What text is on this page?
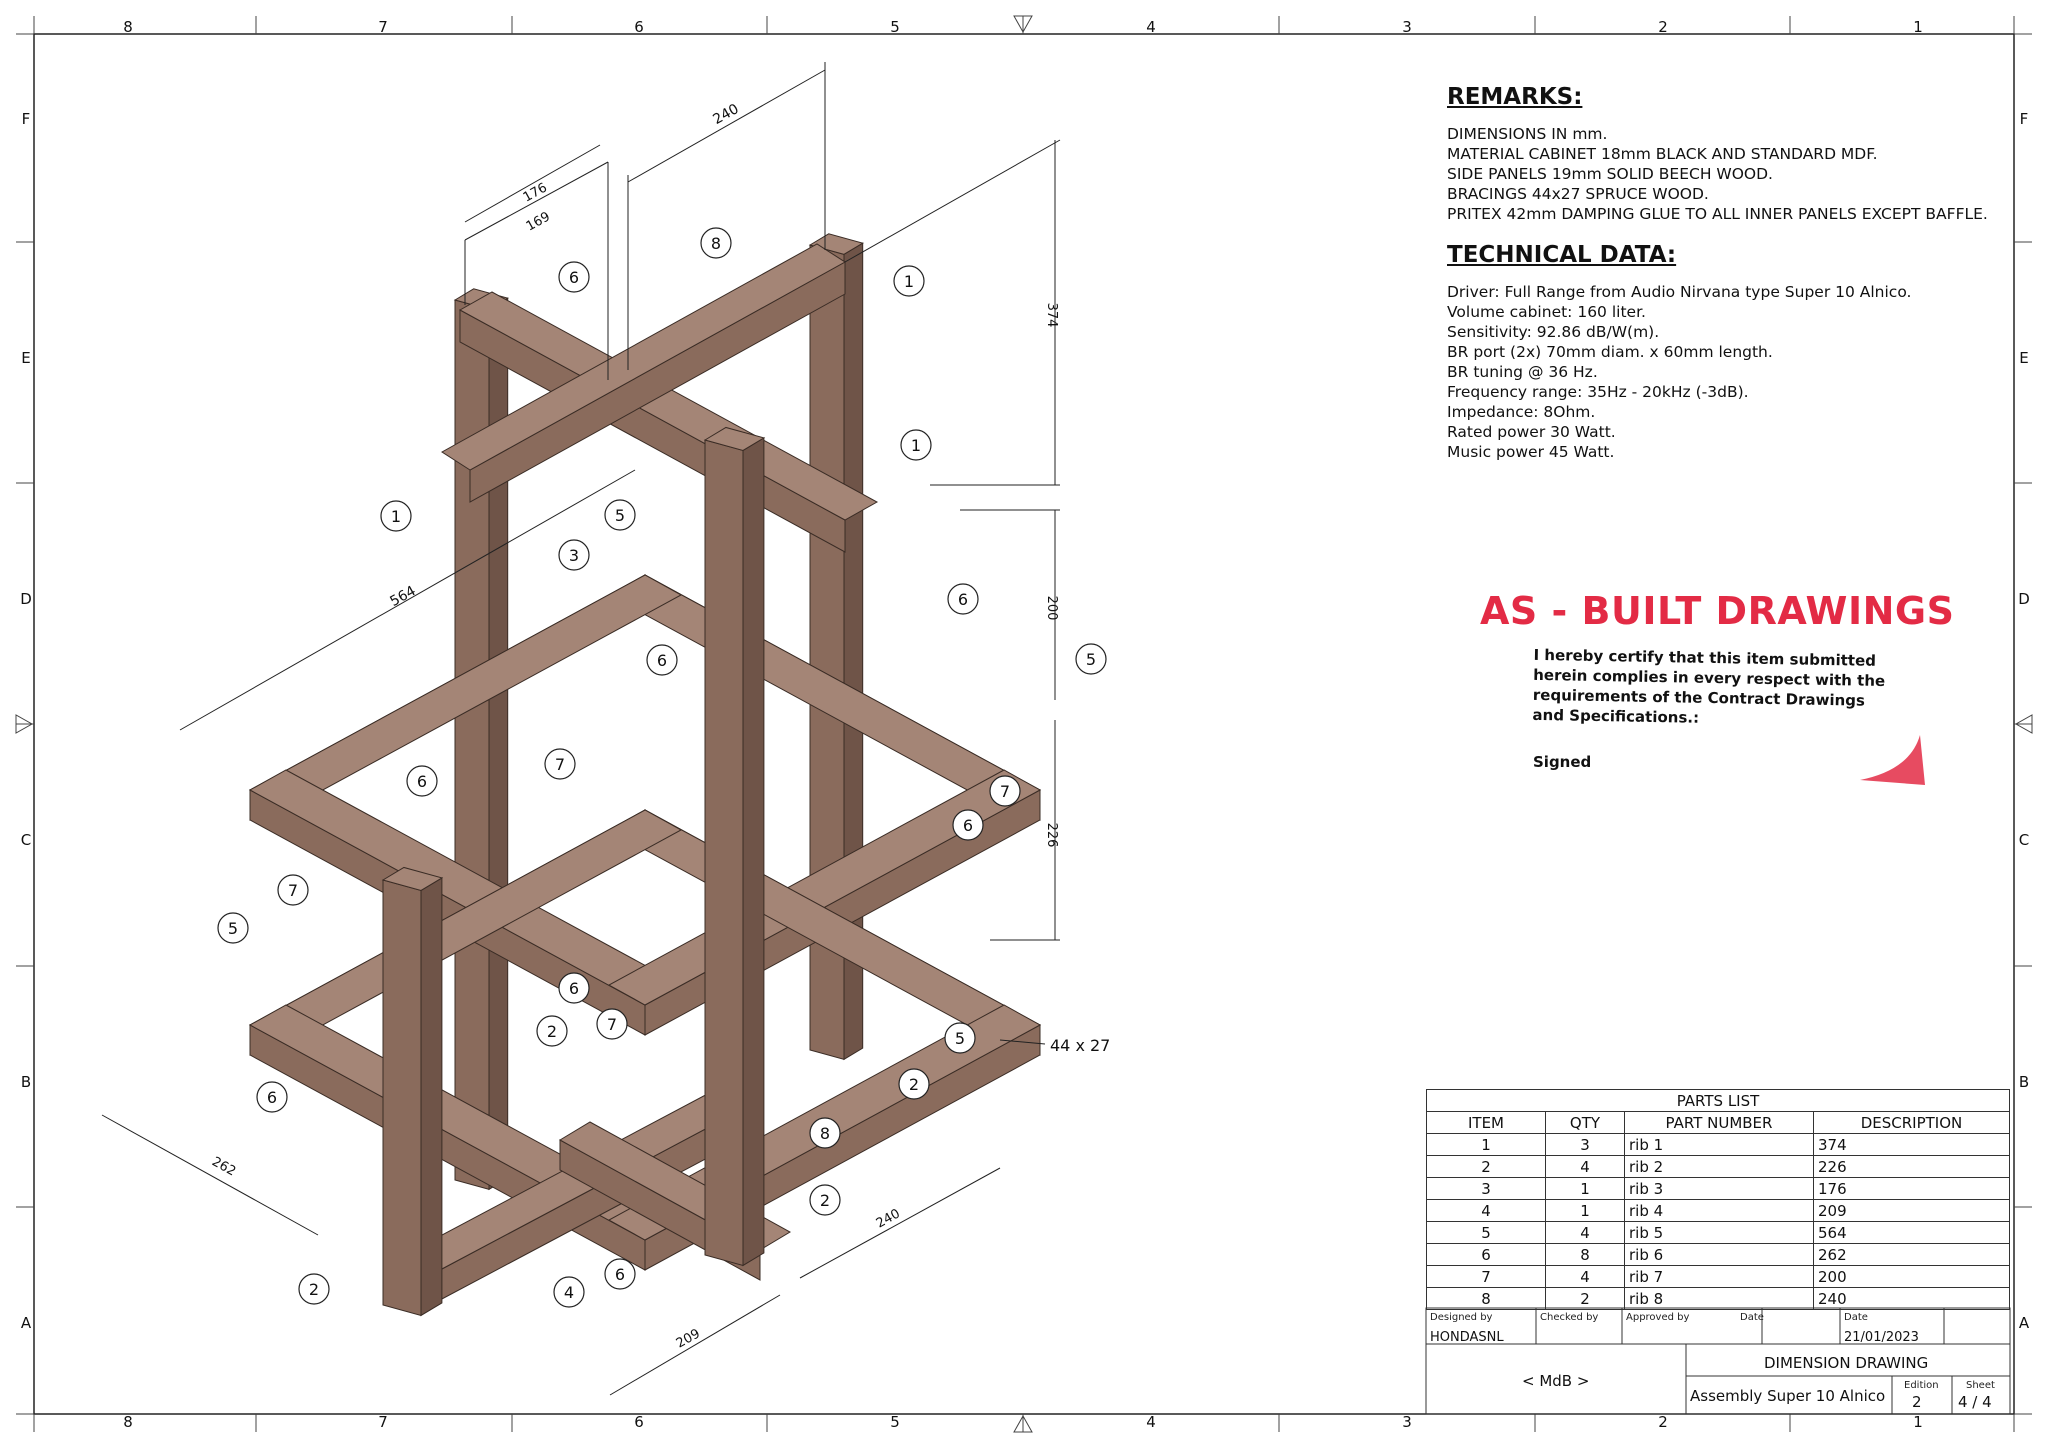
8
8
7
7
6
6
5
5
4
4
3
3
2
2
1
1
F	F
E	E
D	D
C	C
B	B
A	A
240
176
169
374
200
226
564
262
240
209
44 x 27
8
6	1
1
1	5
3
6	5
6
7
6
7
6
7
5
6
7
2	5
2
6
8
2
2	4
6

REMARKS:

DIMENSIONS IN mm.

MATERIAL CABINET 18mm BLACK AND STANDARD MDF.

SIDE PANELS 19mm SOLID BEECH WOOD.

BRACINGS 44x27 SPRUCE WOOD.

PRITEX 42mm DAMPING GLUE TO ALL INNER PANELS EXCEPT BAFFLE.

TECHNICAL DATA:

Driver: Full Range from Audio Nirvana type Super 10 Alnico.

Volume cabinet: 160 liter.

Sensitivity: 92.86 dB/W(m).

BR port (2x) 70mm diam. x 60mm length.

BR tuning @ 36 Hz.

Frequency range: 35Hz - 20kHz (-3dB).

Impedance: 8Ohm.

Rated power 30 Watt.

Music power 45 Watt.

AS - BUILT DRAWINGS
I hereby certify that this item submitted herein complies in every respect with the requirements of the Contract Drawings and Specifications.:
Signed
PARTS LIST			
ITEM	QTY	PART NUMBER	DESCRIPTION
1	3	rib 1	374
2	4	rib 2	226
3	1	rib 3	176
4	1	rib 4	209
5	4	rib 5	564
6	8	rib 6	262
7	4	rib 7	200
8	2	rib 8	240
Designed by
HONDASNL
Checked by	Approved by	Date	Date
21/01/2023
< MdB >
DIMENSION DRAWING
Assembly Super 10 Alnico
Edition
2
Sheet
4 / 4
